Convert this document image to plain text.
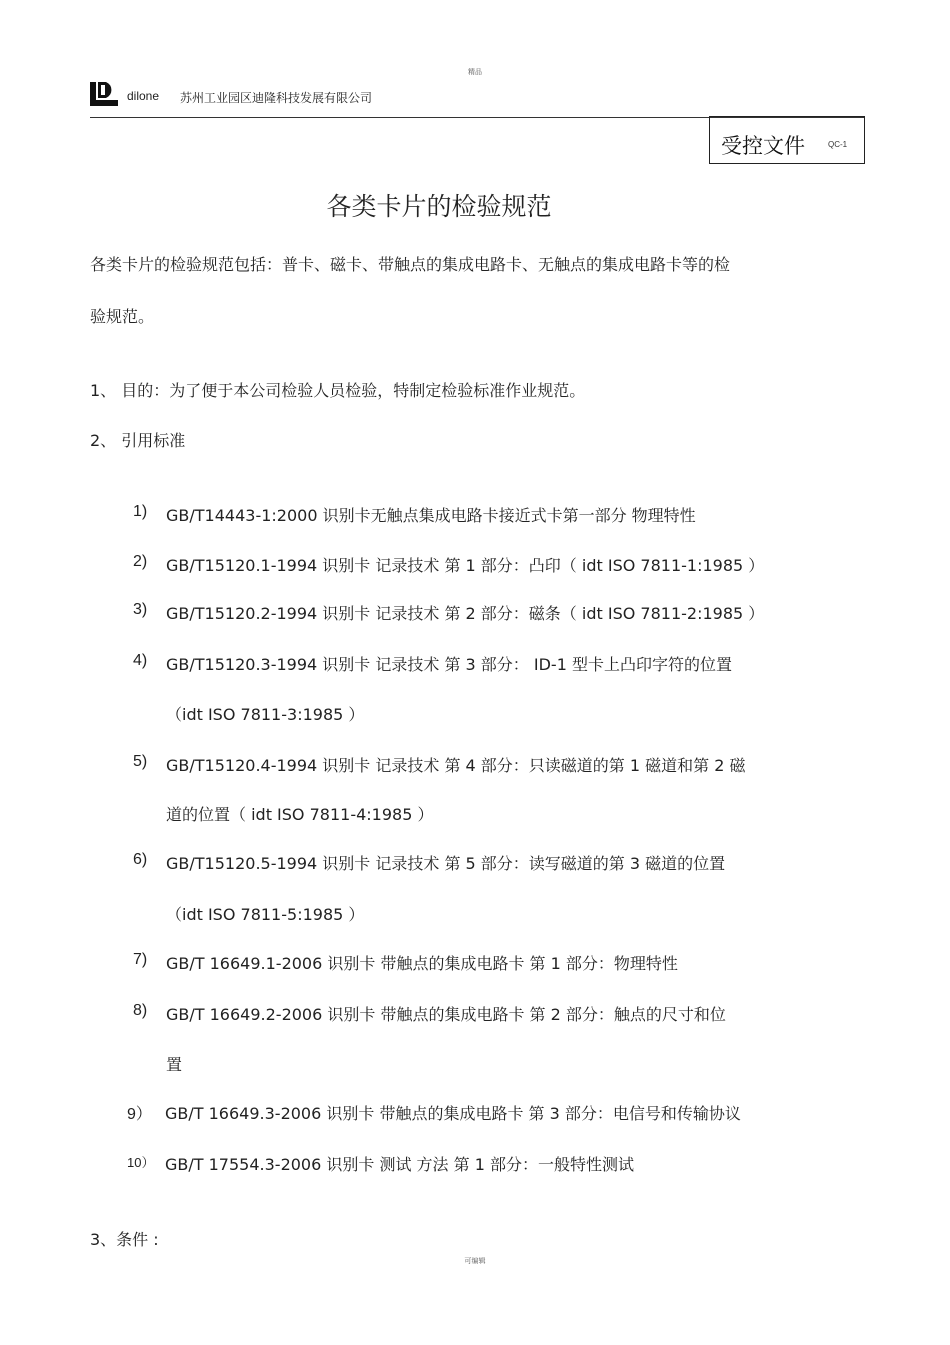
精品
dilone 苏州工业园区迪隆科技发展有限公司
受控文件	QC-1
各类卡片的检验规范
各类卡片的检验规范包括：普卡、磁卡、带触点的集成电路卡、无触点的集成电路卡等的检
验规范。
1、 目的：为了便于本公司检验人员检验，特制定检验标准作业规范。
2、 引用标准
1) GB/T14443-1:2000 识别卡无触点集成电路卡接近式卡第一部分 物理特性
2) GB/T15120.1-1994 识别卡 记录技术 第 1 部分：凸印（ idt ISO 7811-1:1985 ）
3) GB/T15120.2-1994 识别卡 记录技术 第 2 部分：磁条（ idt ISO 7811-2:1985 ）
4) GB/T15120.3-1994 识别卡 记录技术 第 3 部分： ID-1 型卡上凸印字符的位置
（idt ISO 7811-3:1985 ）
5) GB/T15120.4-1994 识别卡 记录技术 第 4 部分：只读磁道的第 1 磁道和第 2 磁
道的位置（ idt ISO 7811-4:1985 ）
6) GB/T15120.5-1994 识别卡 记录技术 第 5 部分：读写磁道的第 3 磁道的位置
（idt ISO 7811-5:1985 ）
7) GB/T 16649.1-2006 识别卡 带触点的集成电路卡 第 1 部分：物理特性
8) GB/T 16649.2-2006 识别卡 带触点的集成电路卡 第 2 部分：触点的尺寸和位
置
9） GB/T 16649.3-2006 识别卡 带触点的集成电路卡 第 3 部分：电信号和传输协议
10） GB/T 17554.3-2006 识别卡 测试 方法 第 1 部分：一般特性测试
3、条件 :
可编辑
